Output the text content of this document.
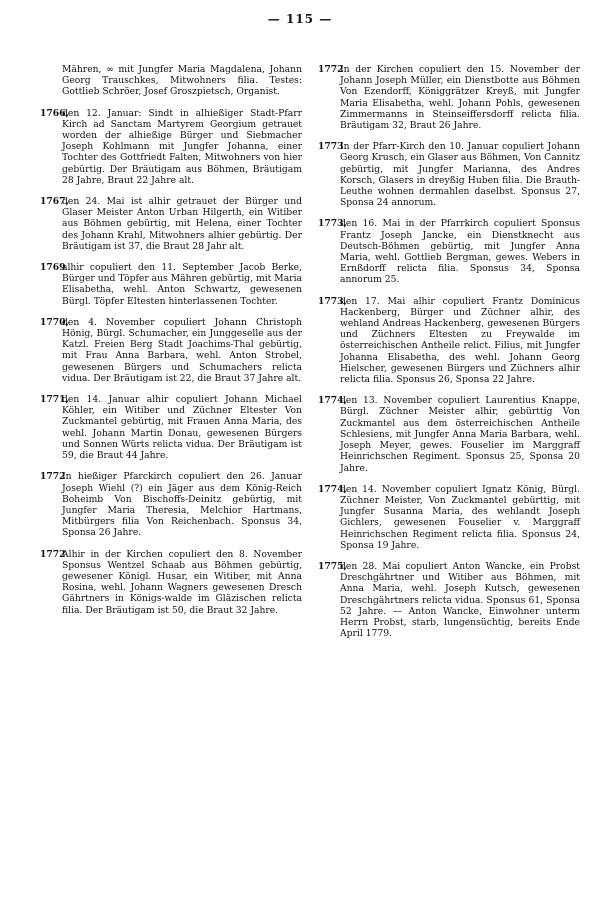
— 115 —
Mähren, ∞ mit Jungfer Maria Magdalena, Johann Georg Trauschkes, Mitwohners filia. Testes: Gottlieb Schröer, Josef Groszpietsch, Organist.
1766,
den 12. Januar: Sindt in alhießiger Stadt-Pfarr Kirch ad Sanctam Martyrem Georgium getrauet worden der alhießige Bürger und Siebmacher Joseph Kohlmann mit Jungfer Johanna, einer Tochter des Gottfriedt Falten, Mitwohners von hier gebürtig. Der Bräutigam aus Böhmen, Bräutigam 28 Jahre, Braut 22 Jahre alt.
1767,
den 24. Mai ist alhir getrauet der Bürger und Glaser Meister Anton Urban Hilgerth, ein Witiber aus Böhmen gebürtig, mit Helena, einer Tochter des Johann Krahl, Mitwohners alhier gebürtig. Der Bräutigam ist 37, die Braut 28 Jahr alt.
1769
alhir copuliert den 11. September Jacob Berke, Bürger und Töpfer aus Mähren gebürtig, mit Maria Elisabetha, wehl. Anton Schwartz, gewesenen Bürgl. Töpfer Eltesten hinterlassenen Tochter.
1770,
den 4. November copuliert Johann Christoph Hönig, Bürgl. Schumacher, ein Junggeselle aus der Katzl. Freien Berg Stadt Joachims-Thal gebürtig, mit Frau Anna Barbara, wehl. Anton Strobel, gewesenen Bürgers und Schumachers relicta vidua. Der Bräutigam ist 22, die Braut 37 Jahre alt.
1771,
den 14. Januar alhir copuliert Johann Michael Köhler, ein Witiber und Züchner Eltester Von Zuckmantel gebürtig, mit Frauen Anna Maria, des wehl. Johann Martin Donau, gewesenen Bürgers und Sonnen Würts relicta vidua. Der Bräutigam ist 59, die Braut 44 Jahre.
1772
In hießiger Pfarckirch copuliert den 26. Januar Joseph Wiehl (?) ein Jäger aus dem König-Reich Boheimb Von Bischoffs-Deinitz gebürtig, mit Jungfer Maria Theresia, Melchior Hartmans, Mitbürgers filia Von Reichenbach. Sponsus 34, Sponsa 26 Jahre.
1772
Alhir in der Kirchen copuliert den 8. November Sponsus Wentzel Schaab aus Böhmen gebürtig, gewesener Königl. Husar, ein Witiber, mit Anna Rosina, wehl. Johann Wagners gewesenen Dresch Gährtners in Königs-walde im Gläzischen relicta filia. Der Bräutigam ist 50, die Braut 32 Jahre.
1772
In der Kirchen copuliert den 15. November der Johann Joseph Müller, ein Dienstbotte aus Böhmen Von Ezendorff, Königgrätzer Kreyß, mit Jungfer Maria Elisabetha, wehl. Johann Pohls, gewesenen Zimmermanns in Steinseiffersdorff relicta filia. Bräutigam 32, Braut 26 Jahre.
1773
In der Pfarr-Kirch den 10. Januar copuliert Johann Georg Krusch, ein Glaser aus Böhmen, Von Cannitz gebürtig, mit Jungfer Marianna, des Andres Korsch, Glasers in dreyßig Huben filia. Die Brauth-Leuthe wohnen dermahlen daselbst. Sponsus 27, Sponsa 24 annorum.
1773,
den 16. Mai in der Pfarrkirch copuliert Sponsus Frantz Joseph Jancke, ein Dienstknecht aus Deutsch-Böhmen gebürtig, mit Jungfer Anna Maria, wehl. Gottlieb Bergman, gewes. Webers in Ernßdorff relicta filia. Sponsus 34, Sponsa annorum 25.
1773,
den 17. Mai alhir copuliert Frantz Dominicus Hackenberg, Bürger und Züchner alhir, des wehland Andreas Hackenberg, gewesenen Bürgers und Züchners Eltesten zu Freywalde im österreichischen Antheile relict. Filius, mit Jungfer Johanna Elisabetha, des wehl. Johann Georg Hielscher, gewesenen Bürgers und Züchners alhir relicta filia. Sponsus 26, Sponsa 22 Jahre.
1774,
den 13. November copuliert Laurentius Knappe, Bürgl. Züchner Meister alhir, gebürttig Von Zuckmantel aus dem österreichischen Antheile Schlesiens, mit Jungfer Anna Maria Barbara, wehl. Joseph Meyer, gewes. Fouselier im Marggraff Heinrichschen Regiment. Sponsus 25, Sponsa 20 Jahre.
1774,
den 14. November copuliert Ignatz König, Bürgl. Züchner Meister, Von Zuckmantel gebürttig, mit Jungfer Susanna Maria, des wehlandt Joseph Gichlers, gewesenen Fouselier v. Marggraff Heinrichschen Regiment relicta filia. Sponsus 24, Sponsa 19 Jahre.
1775,
den 28. Mai copuliert Anton Wancke, ein Probst Dreschgährtner und Witiber aus Böhmen, mit Anna Maria, wehl. Joseph Kutsch, gewesenen Dreschgährtners relicta vidua. Sponsus 61, Sponsa 52 Jahre. — Anton Wancke, Einwohner unterm Herrn Probst, starb, lungensüchtig, bereits Ende April 1779.
